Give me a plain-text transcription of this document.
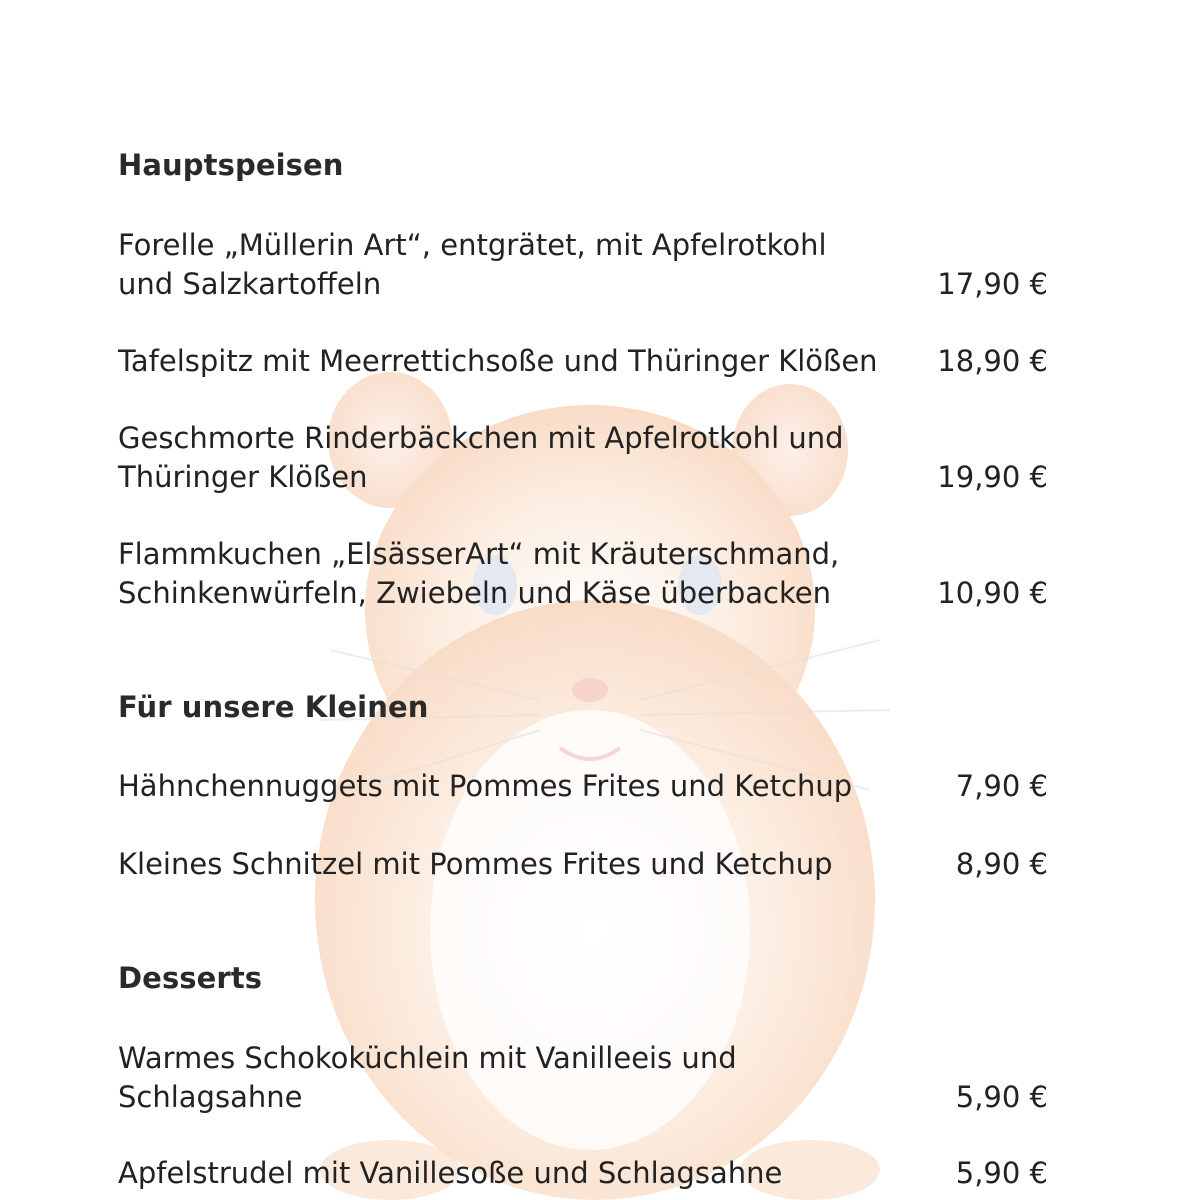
Hauptspeisen
Forelle „Müllerin Art“, entgrätet, mit Apfelrotkohl
und Salzkartoffeln	17,90 €
Tafelspitz mit Meerrettichsoße und Thüringer Klößen	18,90 €
Geschmorte Rinderbäckchen mit Apfelrotkohl und
Thüringer Klößen	19,90 €
Flammkuchen „ElsässerArt“ mit Kräuterschmand,
Schinkenwürfeln, Zwiebeln und Käse überbacken	10,90 €
Für unsere Kleinen
Hähnchennuggets mit Pommes Frites und Ketchup	7,90 €
Kleines Schnitzel mit Pommes Frites und Ketchup	8,90 €
Desserts
Warmes Schokoküchlein mit Vanilleeis und
Schlagsahne	5,90 €
Apfelstrudel mit Vanillesoße und Schlagsahne	5,90 €
